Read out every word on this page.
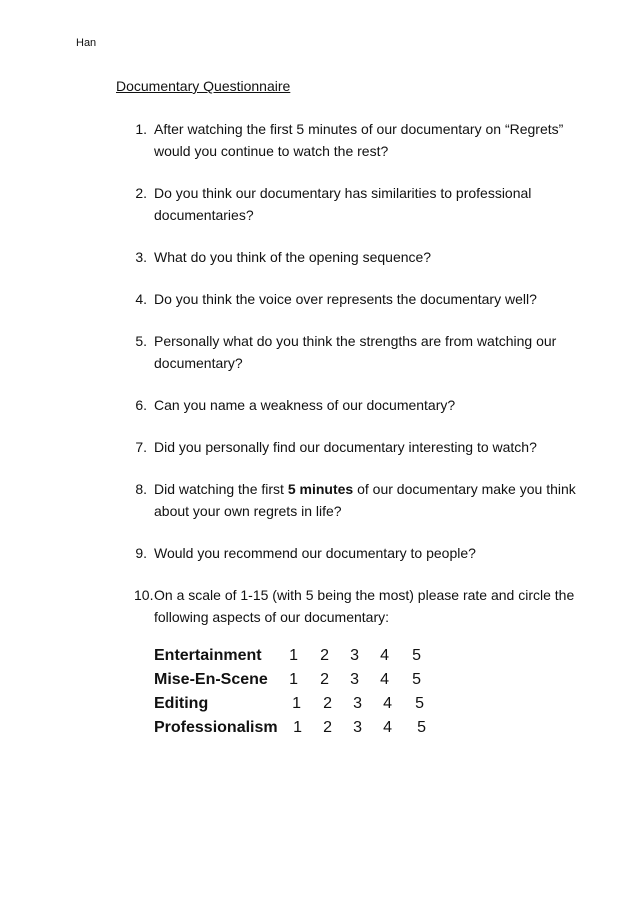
Han
Documentary Questionnaire
1. After watching the first 5 minutes of our documentary on “Regrets” would you continue to watch the rest?
2. Do you think our documentary has similarities to professional documentaries?
3. What do you think of the opening sequence?
4. Do you think the voice over represents the documentary well?
5. Personally what do you think the strengths are from watching our documentary?
6. Can you name a weakness of our documentary?
7. Did you personally find our documentary interesting to watch?
8. Did watching the first 5 minutes of our documentary make you think about your own regrets in life?
9. Would you recommend our documentary to people?
10. On a scale of 1-15 (with 5 being the most) please rate and circle the following aspects of our documentary:
Entertainment	1	2	3	4	5
Mise-En-Scene	1	2	3	4	5
Editing	1	2	3	4	5
Professionalism	1	2	3	4	5
